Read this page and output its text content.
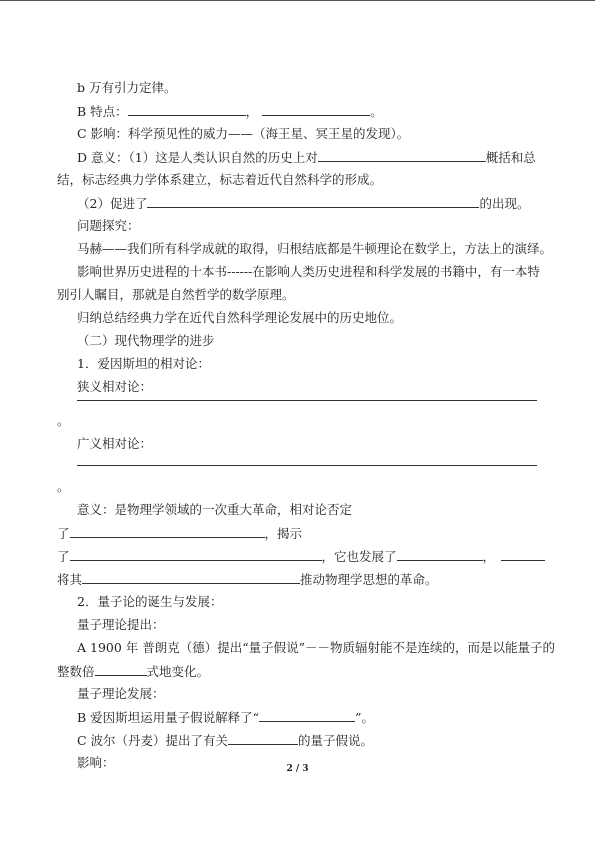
b 万有引力定律。
B 特点：	，	。
C 影响：科学预见性的威力——（海王星、冥王星的发现）。
D 意义：（1）这是人类认识自然的历史上对	概括和总
结，标志经典力学体系建立，标志着近代自然科学的形成。
（2）促进了	的出现。
问题探究：
马赫——我们所有科学成就的取得，归根结底都是牛顿理论在数学上，方法上的演绎。
影响世界历史进程的十本书------在影响人类历史进程和科学发展的书籍中，有一本特
别引人瞩目，那就是自然哲学的数学原理。
归纳总结经典力学在近代自然科学理论发展中的历史地位。
（二）现代物理学的进步
1．爱因斯坦的相对论：
狭义相对论：
。
广义相对论：
。
意义：是物理学领域的一次重大革命，相对论否定
了	，揭示
了	，它也发展了	，
将其	推动物理学思想的革命。
2．量子论的诞生与发展：
量子理论提出：
A 1900 年 普朗克（德）提出“量子假说”－－物质辐射能不是连续的，而是以能量子的
整数倍	式地变化。
量子理论发展：
B 爱因斯坦运用量子假说解释了“	”。
C 波尔（丹麦）提出了有关	的量子假说。
影响：	2 / 3
